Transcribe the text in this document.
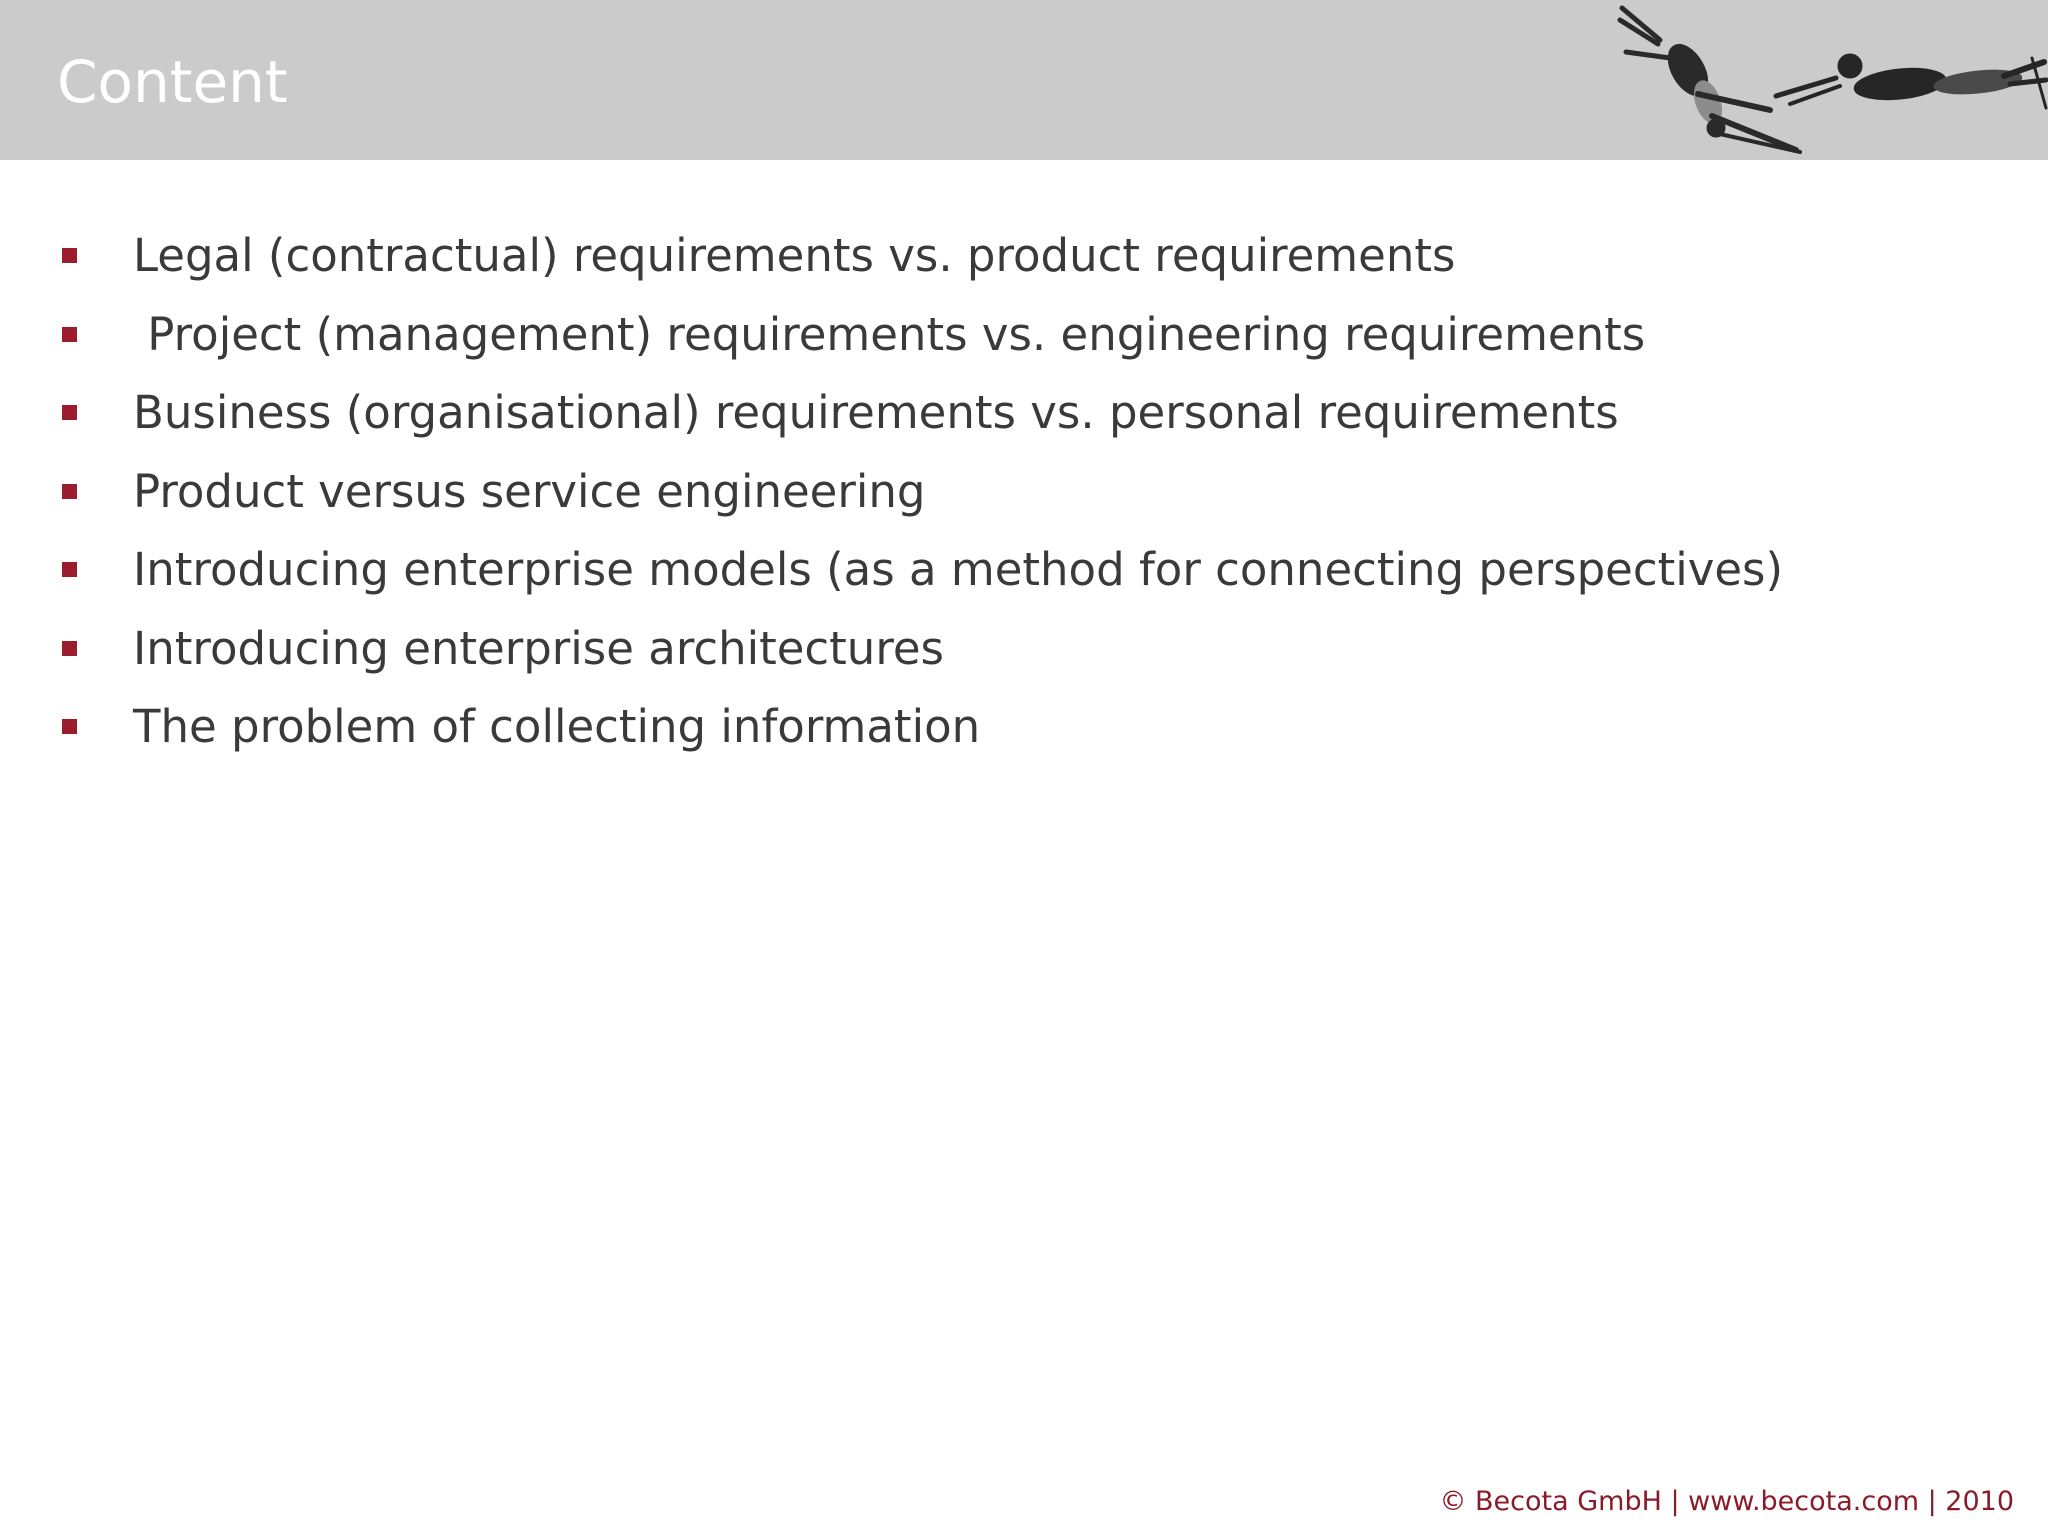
Content
Legal (contractual) requirements vs. product requirements
Project (management) requirements vs. engineering requirements
Business (organisational) requirements vs. personal requirements
Product versus service engineering
Introducing enterprise models (as a method for connecting perspectives)
Introducing enterprise architectures
The problem of collecting information
© Becota GmbH | www.becota.com | 2010
